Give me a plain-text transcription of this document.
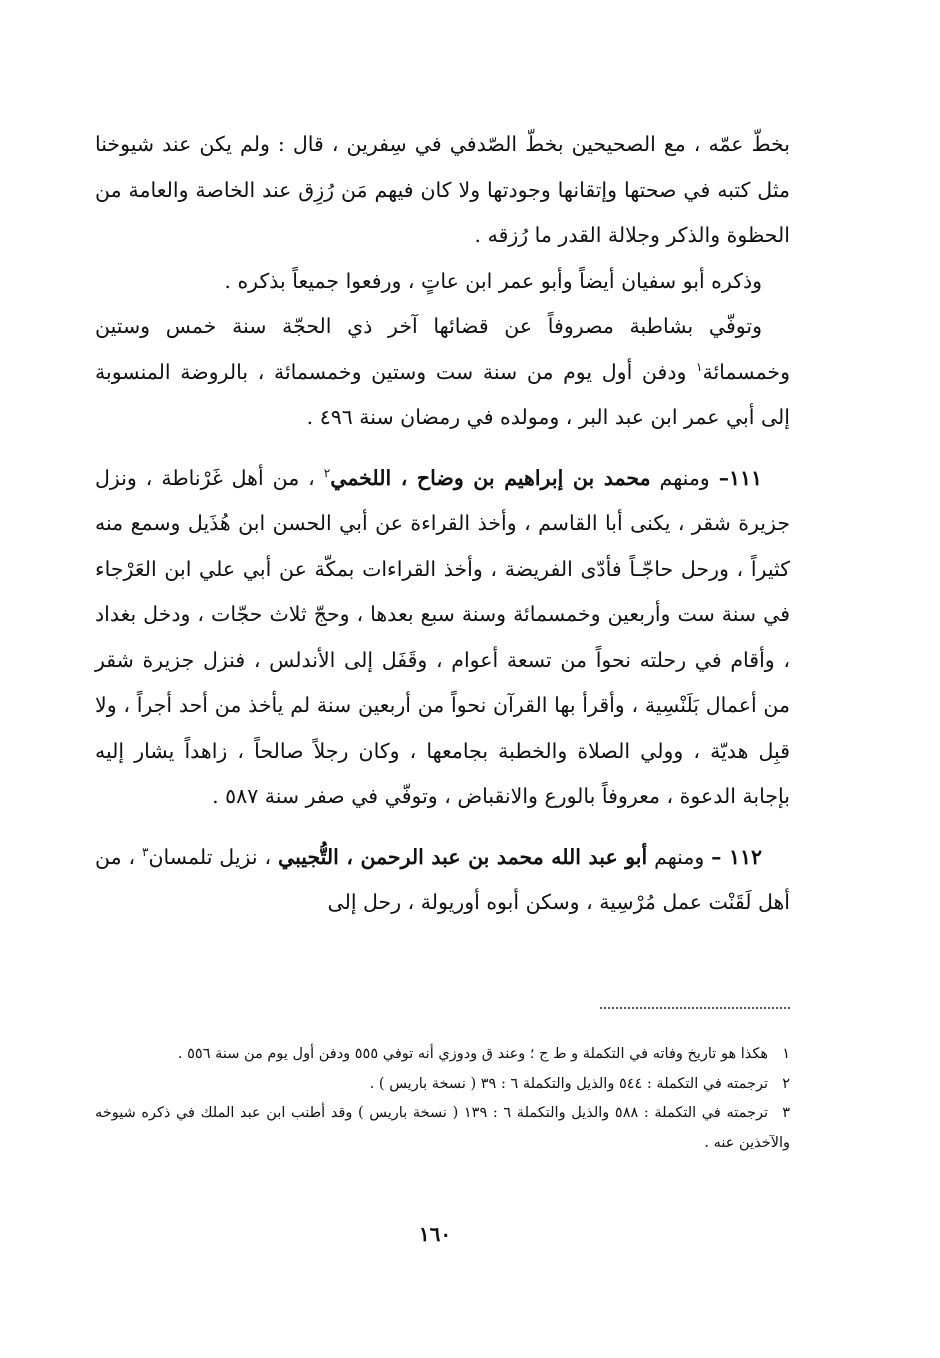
بخطّ عمّه ، مع الصحيحين بخطّ الصّدفي في سِفرين ، قال : ولم يكن عند شيوخنا مثل كتبه في صحتها وإتقانها وجودتها ولا كان فيهم مَن رُزِق عند الخاصة والعامة من الحظوة والذكر وجلالة القدر ما رُزقه .

وذكره أبو سفيان أيضاً وأبو عمر ابن عاتٍ ، ورفعوا جميعاً بذكره .

وتوفّي بشاطبة مصروفاً عن قضائها آخر ذي الحجّة سنة خمس وستين وخمسمائة$^١$ ودفن أول يوم من سنة ست وستين وخمسمائة ، بالروضة المنسوبة إلى أبي عمر ابن عبد البر ، ومولده في رمضان سنة ٤٩٦ .

١١١– ومنهم محمد بن إبراهيم بن وضاح ، اللخمي$^٢$ ، من أهل غَرْناطة ، ونزل جزيرة شقر ، يكنى أبا القاسم ، وأخذ القراءة عن أبي الحسن ابن هُذَيل وسمع منه كثيراً ، ورحل حاجّـاً فأدّى الفريضة ، وأخذ القراءات بمكّة عن أبي علي ابن العَرْجاء في سنة ست وأربعين وخمسمائة وسنة سبع بعدها ، وحجّ ثلاث حجّات ، ودخل بغداد ، وأقام في رحلته نحواً من تسعة أعوام ، وقَفَل إلى الأندلس ، فنزل جزيرة شقر من أعمال بَلَنْسِية ، وأقرأ بها القرآن نحواً من أربعين سنة لم يأخذ من أحد أجراً ، ولا قبِل هديّة ، وولي الصلاة والخطبة بجامعها ، وكان رجلاً صالحاً ، زاهداً يشار إليه بإجابة الدعوة ، معروفاً بالورع والانقباض ، وتوفّي في صفر سنة ٥٨٧ .

١١٢ – ومنهم أبو عبد الله محمد بن عبد الرحمن ، التُّجيبي ، نزيل تلمسان$^٣$ ، من أهل لَقَنْت عمل مُرْسِية ، وسكن أبوه أوريولة ، رحل إلى

١هكذا هو تاريخ وفاته في التكملة و ط ج ؛ وعند ق ودوزي أنه توفي ٥٥٥ ودفن أول يوم من سنة ٥٥٦ .

٢ترجمته في التكملة : ٥٤٤ والذيل والتكملة ٦ : ٣٩ ( نسخة باريس ) .

٣ترجمته في التكملة : ٥٨٨ والذيل والتكملة ٦ : ١٣٩ ( نسخة باريس ) وقد أطنب ابن عبد الملك في ذكره شيوخه والآخذين عنه .

١٦٠
